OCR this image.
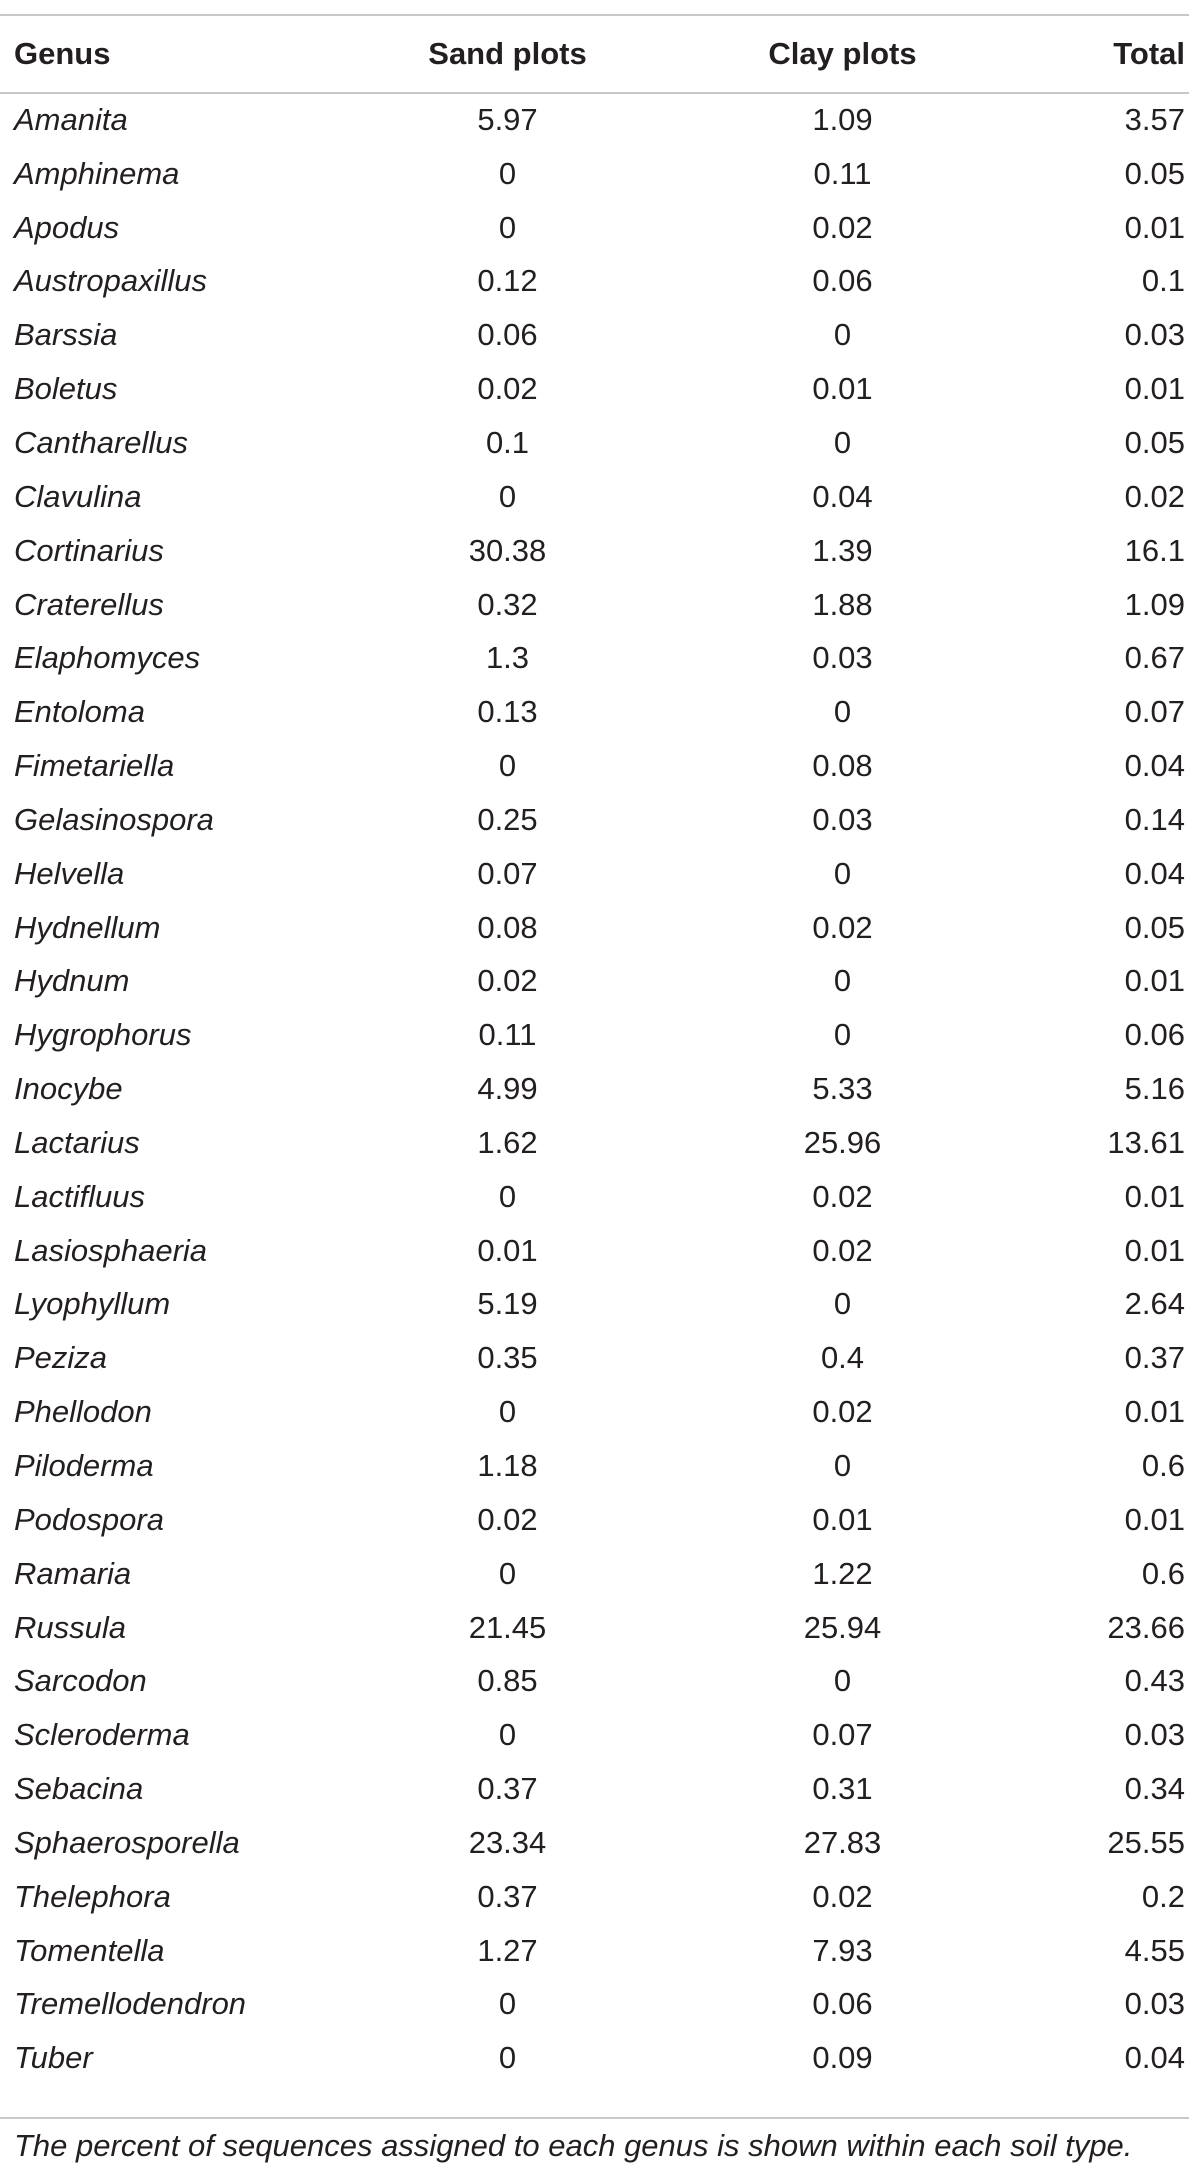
Genus	Sand plots	Clay plots	Total
Amanita	5.97	1.09	3.57
Amphinema	0	0.11	0.05
Apodus	0	0.02	0.01
Austropaxillus	0.12	0.06	0.1
Barssia	0.06	0	0.03
Boletus	0.02	0.01	0.01
Cantharellus	0.1	0	0.05
Clavulina	0	0.04	0.02
Cortinarius	30.38	1.39	16.1
Craterellus	0.32	1.88	1.09
Elaphomyces	1.3	0.03	0.67
Entoloma	0.13	0	0.07
Fimetariella	0	0.08	0.04
Gelasinospora	0.25	0.03	0.14
Helvella	0.07	0	0.04
Hydnellum	0.08	0.02	0.05
Hydnum	0.02	0	0.01
Hygrophorus	0.11	0	0.06
Inocybe	4.99	5.33	5.16
Lactarius	1.62	25.96	13.61
Lactifluus	0	0.02	0.01
Lasiosphaeria	0.01	0.02	0.01
Lyophyllum	5.19	0	2.64
Peziza	0.35	0.4	0.37
Phellodon	0	0.02	0.01
Piloderma	1.18	0	0.6
Podospora	0.02	0.01	0.01
Ramaria	0	1.22	0.6
Russula	21.45	25.94	23.66
Sarcodon	0.85	0	0.43
Scleroderma	0	0.07	0.03
Sebacina	0.37	0.31	0.34
Sphaerosporella	23.34	27.83	25.55
Thelephora	0.37	0.02	0.2
Tomentella	1.27	7.93	4.55
Tremellodendron	0	0.06	0.03
Tuber	0	0.09	0.04
The percent of sequences assigned to each genus is shown within each soil type.
